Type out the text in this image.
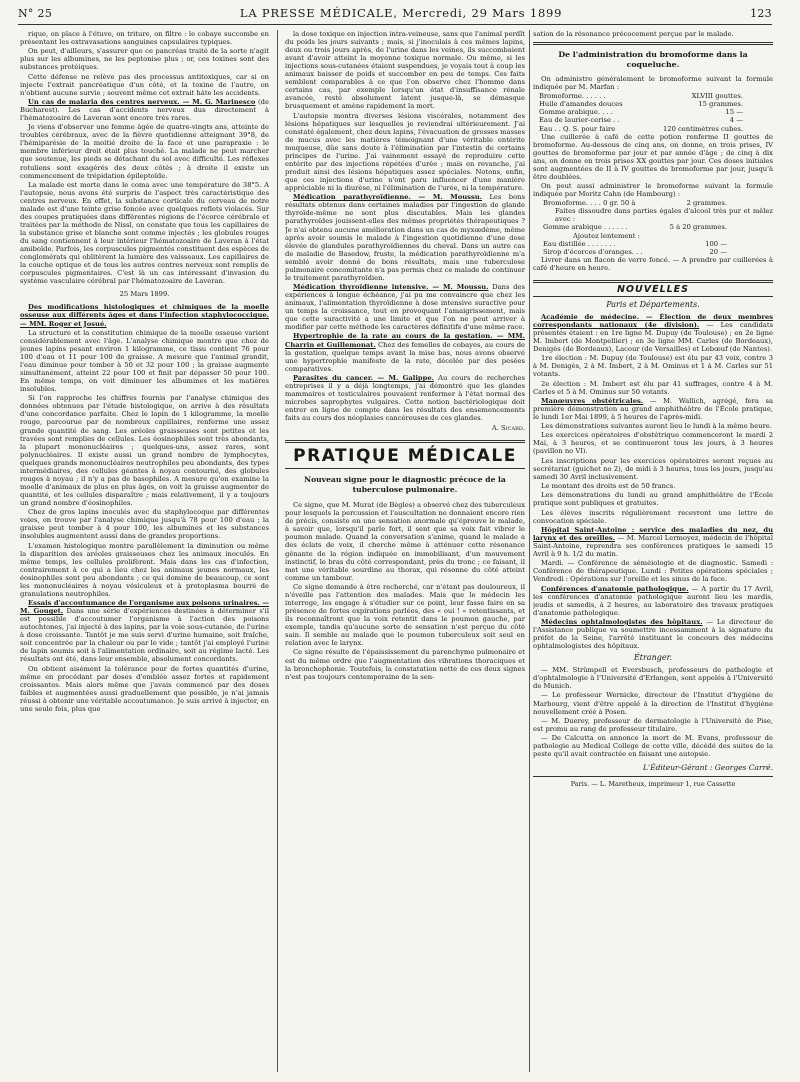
N° 25	LA PRESSE MÉDICALE, Mercredi, 29 Mars 1899	123

rique, on place à l'étuve, on triture, on filtre : le cobaye succombe en présentant les extravasations sanguines capsulaires typiques.

On peut, d'ailleurs, s'assurer que ce pancréas traité de la sorte n'agit plus sur les albumines, ne les peptonise plus ; or, ces toxines sont des substances protéiques.

Cette défense ne relève pas des processus antitoxiques, car si on injecte l'extrait pancréatique d'un côté, et la toxine de l'autre, on n'obtient aucune survie ; souvent même cet extrait hâte les accidents.

Un cas de malaria des centres nerveux. — M. G. Marinesco (de Bucharest). Les cas d'accidents nerveux dus directement à l'hématozoaire de Laveran sont encore très rares.

Je viens d'observer une femme âgée de quatre-vingts ans, atteinte de troubles cérébraux, avec de la fièvre quotidienne atteignant 39°8, de l'hémiparésie de la moitié droite de la face et une parapraxie : le membre inférieur droit était plus touché. La malade ne peut marcher que soutenue, les pieds se détachant du sol avec difficulté. Les réflexes rotuliens sont exagérés des deux côtés ; à droite il existe un commencement de trépidation épileptoïde.

La malade est morte dans le coma avec une température de 38°5. A l'autopsie, nous avons été surpris de l'aspect très caractéristique des centres nerveux. En effet, la substance corticale du cerveau de notre malade est d'une teinte grise foncée avec quelques reflets violacés. Sur des coupes pratiquées dans différentes régions de l'écorce cérébrale et traitées par la méthode de Nissl, on constate que tous les capillaires de la substance grise et blanche sont comme injectés ; les globules rouges du sang contiennent à leur intérieur l'hématozoaire de Laveran à l'état amiboïde. Parfois, les corpuscules pigmentés constituent des espèces de conglomérats qui oblitèrent la lumière des vaisseaux. Les capillaires de la couche optique et de tous les autres centres nerveux sont remplis de corpuscules pigmentaires. C'est là un cas intéressant d'invasion du système vasculaire cérébral par l'hématozoaire de Laveran.

25 Mars 1899.

Des modifications histologiques et chimiques de la moelle osseuse aux différents âges et dans l'infection staphylococcique. — MM. Roger et Josué.

La structure et la constitution chimique de la moelle osseuse varient considérablement avec l'âge. L'analyse chimique montre que chez de jeunes lapins pesant environ 1 kilogramme, ce tissu contient 76 pour 100 d'eau et 11 pour 100 de graisse. A mesure que l'animal grandit, l'eau diminue pour tomber à 50 et 32 pour 100 ; la graisse augmente simultanément, atteint 22 pour 100 et finit par dépasser 50 pour 100. En même temps, on voit diminuer les albumines et les matières insolubles.

Si l'on rapproche les chiffres fournis par l'analyse chimique des données obtenues par l'étude histologique, on arrive à des résultats d'une concordance parfaite. Chez le lapin de 1 kilogramme, la moelle rouge, parcourue par de nombreux capillaires, renferme une assez grande quantité de sang. Les aréoles graisseuses sont petites et les travées sont remplies de cellules. Les éosinophiles sont très abondants, la plupart mononucléaires ; quelques-uns, assez rares, sont polynucléaires. Il existe aussi un grand nombre de lymphocytes, quelques grands mononucléaires neutrophiles peu abondants, des types intermédiaires, des cellules géantes à noyau contourné, des globules rouges à noyau ; il n'y a pas de basophiles. A mesure qu'on examine la moelle d'animaux de plus en plus âgés, on voit la graisse augmenter de quantité, et les cellules disparaître ; mais relativement, il y a toujours un grand nombre d'éosinophiles.

Chez de gros lapins inoculés avec du staphylocoque par différentes voies, on trouve par l'analyse chimique jusqu'à 78 pour 100 d'eau ; la graisse peut tomber à 4 pour 100, les albumines et les substances insolubles augmentent aussi dans de grandes proportions.

L'examen histologique montre parallèlement la diminution ou même la disparition des aréoles graisseuses chez les animaux inoculés. En même temps, les cellules prolifèrent. Mais dans les cas d'infection, contrairement à ce qui a lieu chez les animaux jeunes normaux, les éosinophiles sont peu abondants ; ce qui domine de beaucoup, ce sont les mononucléaires à noyau vésiculeux et à protoplasma bourré de granulations neutrophiles.

Essais d'accoutumance de l'organisme aux poisons urinaires. — M. Gouget. Dans une série d'expériences destinées à déterminer s'il est possible d'accoutumer l'organisme à l'action des poisons autochtones, j'ai injecté à des lapins, par la voie sous-cutanée, de l'urine à dose croissante. Tantôt je me suis servi d'urine humaine, soit fraîche, soit concentrée par la chaleur ou par le vide ; tantôt j'ai employé l'urine de lapin soumis soit à l'alimentation ordinaire, soit au régime lacté. Les résultats ont été, dans leur ensemble, absolument concordants.

On obtient aisément la tolérance pour de fortes quantités d'urine, même en procédant par doses d'emblée assez fortes et rapidement croissantes. Mais alors même que j'avais commencé par des doses faibles et augmentées aussi graduellement que possible, je n'ai jamais réussi à obtenir une véritable accoutumance. Je suis arrivé à injecter, en une seule fois, plus que

la dose toxique en injection intra-veineuse, sans que l'animal perdît du poids les jours suivants ; mais, si j'inoculais à ces mêmes lapins, deux ou trois jours après, de l'urine dans les veines, ils succombaient avant d'avoir atteint la moyenne toxique normale. Ou même, si les injections sous-cutanées étaient suspendues, je voyais tout à coup les animaux baisser de poids et succomber en peu de temps. Ces faits semblent comparables à ce que l'on observe chez l'homme dans certains cas, par exemple lorsqu'un état d'insuffisance rénale avancée, resté absolument latent jusque-là, se démasque brusquement et amène rapidement la mort.

L'autopsie montra diverses lésions viscérales, notamment des lésions hépatiques sur lesquelles je reviendrai ultérieurement. J'ai constaté également, chez deux lapins, l'évacuation de grosses masses de mucus avec les matières témoignant d'une véritable entérite muqueuse, dûe sans doute à l'élimination par l'intestin de certains principes de l'urine. J'ai vainement essayé de reproduire cette entérite par des injections répétées d'urée ; mais en revanche, j'ai produit ainsi des lésions hépatiques assez spéciales. Notons, enfin, que ces injections d'urine n'ont paru influencer d'une manière appréciable ni la diurèse, ni l'élimination de l'urée, ni la température.

Médication parathyroïdienne. — M. Moussu. Les bons résultats obtenus dans certaines maladies par l'ingestion de glande thyroïde-même ne sont plus discutables. Mais les glandes parathyroïdes jouissent-elles des mêmes propriétés thérapeutiques ? Je n'ai obtenu aucune amélioration dans un cas de myxœdème, même après avoir soumis le malade à l'ingestion quotidienne d'une dose élevée de glandules parathyroïdiennes du cheval. Dans un autre cas de maladie de Basedow, fruste, la médication parathyroïdienne m'a semblé avoir donné de bons résultats, mais une tuberculose pulmonaire concomitante n'a pas permis chez ce malade de continuer le traitement parathyroïdien.

Médication thyroïdienne intensive. — M. Moussu. Dans des expériences à longue échéance, j'ai pu me convaincre que chez les animaux, l'alimentation thyroïdienne à dose intensive suractive pour un temps la croissance, tout en provoquant l'amaigrissement, mais que cette suractivité a une limite et que l'on ne peut arriver à modifier par cette méthode les caractères définitifs d'une même race.

Hypertrophie de la rate au cours de la gestation. — MM. Charrin et Guillemonat. Chez des femelles de cobayes, au cours de la gestation, quelque temps avant la mise bas, nous avons observé une hypertrophie manifeste de la rate, décelée par des pesées comparatives.

Parasites du cancer. — M. Galippe. Au cours de recherches entreprises il y a déjà longtemps, j'ai démontré que les glandes mammaires et testiculaires pouvaient renfermer à l'état normal des microbes saprophytes vulgaires. Cette notion bactériologique doit entrer en ligne de compte dans les résultats des ensemencements faits au cours des néoplasies cancéreuses de ces glandes.

A. Sicard.
PRATIQUE MÉDICALE

Nouveau signe pour le diagnostic précoce de la tuberculose pulmonaire.

Ce signe, que M. Murat (de Bègles) a observé chez des tuberculeux pour lesquels la percussion et l'auscultation ne donnaient encore rien de précis, consiste en une sensation anormale qu'éprouve le malade, à savoir que, lorsqu'il parle fort, il sent que sa voix fait vibrer le poumon malade. Quand la conversation s'anime, quand le malade a des éclats de voix, il cherche même à atténuer cette résonance gênante de la région indiquée en immobilisant, d'un mouvement instinctif, le bras du côté correspondant, près du tronc ; ce faisant, il met une véritable sourdine au thorax, qui résonne du côté atteint comme un tambour.

Ce signe demande à être recherché, car n'étant pas douloureux, il n'éveille pas l'attention des malades. Mais que le médecin les interroge, les engage à s'étudier sur ce point, leur fasse faire en sa présence de fortes expirations parlées, des « oui ! » retentissants, et ils reconnaîtront que la voix retentit dans le poumon gauche, par exemple, tandis qu'aucune sorte de sensation n'est perçue du côté sain. Il semble au malade que le poumon tuberculeux soit seul en relation avec le larynx.

Ce signe résulte de l'épaississement du parenchyme pulmonaire et est du même ordre que l'augmentation des vibrations thoraciques et la bronchophonie. Toutefois, la constatation nette de ces deux signes n'est pas toujours contemporaine de la sen-

sation de la résonance précocement perçue par le malade.

De l'administration du bromoforme dans la coqueluche.

On administre généralement le bromoforme suivant la formule indiquée par M. Marfan :

Bromoforme. . . . . .	XLVIII gouttes.

Huile d'amandes douces	15 grammes.

Gomme arabique. . . .	15 —

Eau de laurier-cerise . .	4 —

Eau . . Q. S. pour faire	120 centimètres cubes.

Une cuillerée à café de cette potion renferme II gouttes de bromoforme. Au-dessous de cinq ans, on donne, en trois prises, IV gouttes de bromoforme par jour et par année d'âge ; de cinq à dix ans, on donne en trois prises XX gouttes par jour. Ces doses initiales sont augmentées de II à IV gouttes de bromoforme par jour, jusqu'à être doublées.

On peut aussi administrer le bromoforme suivant la formule indiquée par Moritz Cahn (de Hambourg) :

Bromoforme. . . . 0 gr. 50 à	2 grammes.

Faites dissoudre dans parties égales d'alcool très pur et mêlez avec :

Gomme arabique . . . . . .	5 à 20 grammes.

Ajoutez lentement :

Eau distillée . . . . . . .	100 —

Sirop d'écorces d'oranges. . .	20 —

Livrer dans un flacon de verre foncé. — A prendre par cuillerées à café d'heure en heure.

NOUVELLES

Paris et Départements.

Académie de médecine. — Élection de deux membres correspondants nationaux (4e division). — Les candidats présentés étaient : en 1re ligne M. Dupuy (de Toulouse) ; en 2e ligne M. Imbert (de Montpellier) ; en 3e ligne MM. Carles (de Bordeaux), Denigès (de Bordeaux), Lacour (de Versailles) et Lebœuf (de Nantes).

1re élection : M. Dupuy (de Toulouse) est élu par 43 voix, contre 3 à M. Denigès, 2 à M. Imbert, 2 à M. Ominus et 1 à M. Carles sur 51 votants.

2e élection : M. Imbert est élu par 41 suffrages, contre 4 à M. Carles et 5 à M. Ominus sur 50 votants.

Manœuvres obstétricales. — M. Wallich, agrégé, fera sa première démonstration au grand amphithéâtre de l'École pratique, le lundi 1er Mai 1899, à 5 heures de l'après-midi.

Les démonstrations suivantes auront lieu le lundi à la même heure.

Les exercices opératoires d'obstétrique commenceront le mardi 2 Mai, à 3 heures, et se continueront tous les jours, à 3 heures (pavillon no VI).

Les inscriptions pour les exercices opératoires seront reçues au secrétariat (guichet no 2), de midi à 3 heures, tous les jours, jusqu'au samedi 30 Avril inclusivement.

Le montant des droits est de 50 francs.

Les démonstrations du lundi au grand amphithéâtre de l'École pratique sont publiques et gratuites.

Les élèves inscrits régulièrement recevront une lettre de convocation spéciale.

Hôpital Saint-Antoine : service des maladies du nez, du larynx et des oreilles. — M. Marcel Lermoyez, médecin de l'hôpital Saint-Antoine, reprendra ses conférences pratiques le samedi 15 Avril à 9 h. 1/2 du matin.

Mardi. — Conférence de séméiologie et de diagnostic. Samedi : Conférence de thérapeutique. Lundi : Petites opérations spéciales ; Vendredi : Opérations sur l'oreille et les sinus de la face.

Conférences d'anatomie pathologique. — A partir du 17 Avril, les conférences d'anatomie pathologique auront lieu les mardis, jeudis et samedis, à 2 heures, au laboratoire des travaux pratiques d'anatomie pathologique.

Médecins ophtalmologistes des hôpitaux. — Le directeur de l'Assistance publique va soumettre incessamment à la signature du préfet de la Seine, l'arrêté instituant le concours des médecins ophtalmologistes des hôpitaux.

Étranger.

— MM. Strümpell et Eversbusch, professeurs de pathologie et d'ophtalmologie à l'Université d'Erlangen, sont appelés à l'Université de Munich.

— Le professeur Wernicke, directeur de l'Institut d'hygiène de Marbourg, vient d'être appelé à la direction de l'Institut d'hygiène nouvellement créé à Posen.

— M. Duerey, professeur de dermatologie à l'Université de Pise, est promu au rang de professeur titulaire.

— De Calcutta on annonce la mort de M. Evans, professeur de pathologie au Medical College de cette ville, décédé des suites de la peste qu'il avait contractée en faisant une autopsie.

L'Éditeur-Gérant : Georges Carré.

Paris. — L. Maretheux, imprimeur 1, rue Cassette
